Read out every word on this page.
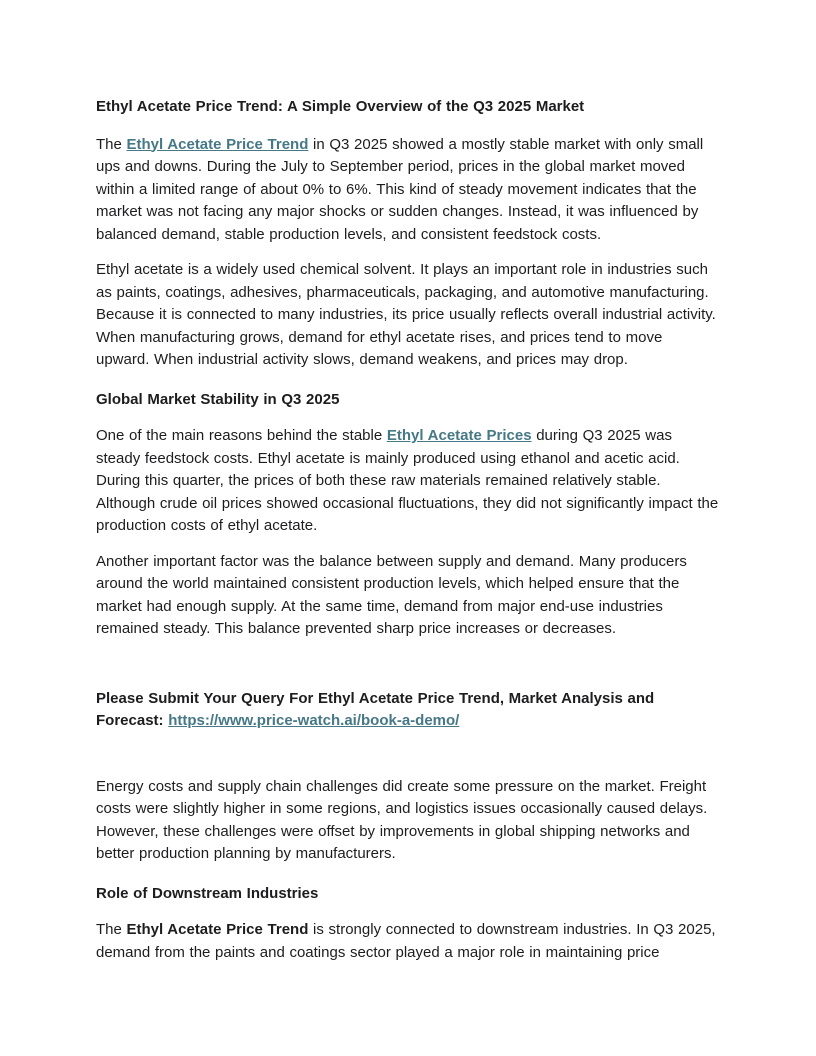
Ethyl Acetate Price Trend: A Simple Overview of the Q3 2025 Market
The Ethyl Acetate Price Trend in Q3 2025 showed a mostly stable market with only small ups and downs. During the July to September period, prices in the global market moved within a limited range of about 0% to 6%. This kind of steady movement indicates that the market was not facing any major shocks or sudden changes. Instead, it was influenced by balanced demand, stable production levels, and consistent feedstock costs.
Ethyl acetate is a widely used chemical solvent. It plays an important role in industries such as paints, coatings, adhesives, pharmaceuticals, packaging, and automotive manufacturing. Because it is connected to many industries, its price usually reflects overall industrial activity. When manufacturing grows, demand for ethyl acetate rises, and prices tend to move upward. When industrial activity slows, demand weakens, and prices may drop.
Global Market Stability in Q3 2025
One of the main reasons behind the stable Ethyl Acetate Prices during Q3 2025 was steady feedstock costs. Ethyl acetate is mainly produced using ethanol and acetic acid. During this quarter, the prices of both these raw materials remained relatively stable. Although crude oil prices showed occasional fluctuations, they did not significantly impact the production costs of ethyl acetate.
Another important factor was the balance between supply and demand. Many producers around the world maintained consistent production levels, which helped ensure that the market had enough supply. At the same time, demand from major end-use industries remained steady. This balance prevented sharp price increases or decreases.
Please Submit Your Query For Ethyl Acetate Price Trend, Market Analysis and Forecast: https://www.price-watch.ai/book-a-demo/
Energy costs and supply chain challenges did create some pressure on the market. Freight costs were slightly higher in some regions, and logistics issues occasionally caused delays. However, these challenges were offset by improvements in global shipping networks and better production planning by manufacturers.
Role of Downstream Industries
The Ethyl Acetate Price Trend is strongly connected to downstream industries. In Q3 2025, demand from the paints and coatings sector played a major role in maintaining price
